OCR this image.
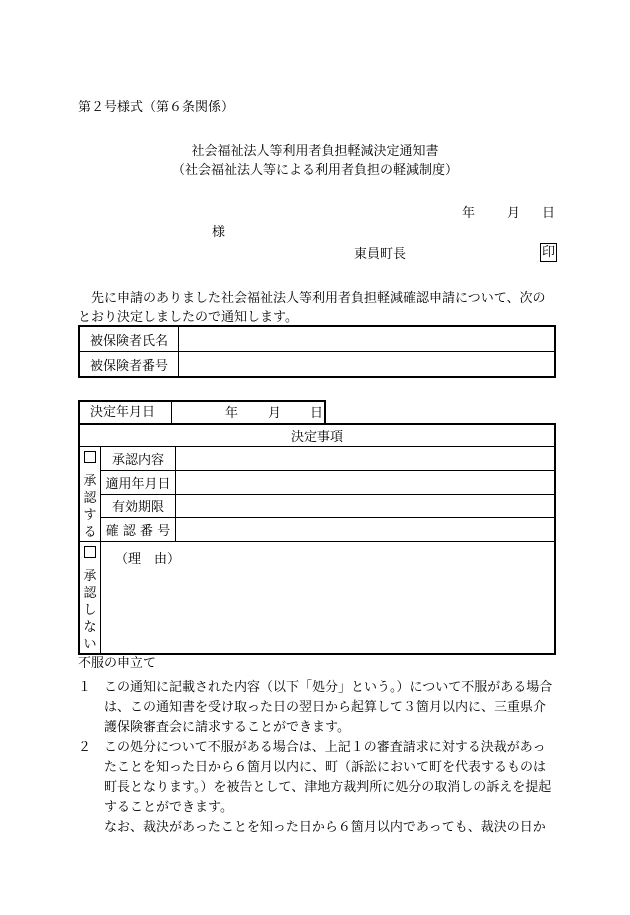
第２号様式（第６条関係）
社会福祉法人等利用者負担軽減決定通知書
（社会福祉法人等による利用者負担の軽減制度）
年 月 日
様
東員町長	印
先に申請のありました社会福祉法人等利用者負担軽減確認申請について、次のとおり決定しましたので通知します。
被保険者氏名	
被保険者番号	
決定年月日	年 月 日
決定事項		

承
認
す
る	承認内容	
	適用年月日	
	有効期限	
	確 認 番 号	

承
認
し
な
い	（理　由）	
不服の申立て
１ この通知に記載された内容（以下「処分」という。）について不服がある場合は、この通知書を受け取った日の翌日から起算して３箇月以内に、三重県介護保険審査会に請求することができます。
２ この処分について不服がある場合は、上記１の審査請求に対する決裁があったことを知った日から６箇月以内に、町（訴訟において町を代表するものは町長となります。）を被告として、津地方裁判所に処分の取消しの訴えを提起することができます。
なお、裁決があったことを知った日から６箇月以内であっても、裁決の日か
